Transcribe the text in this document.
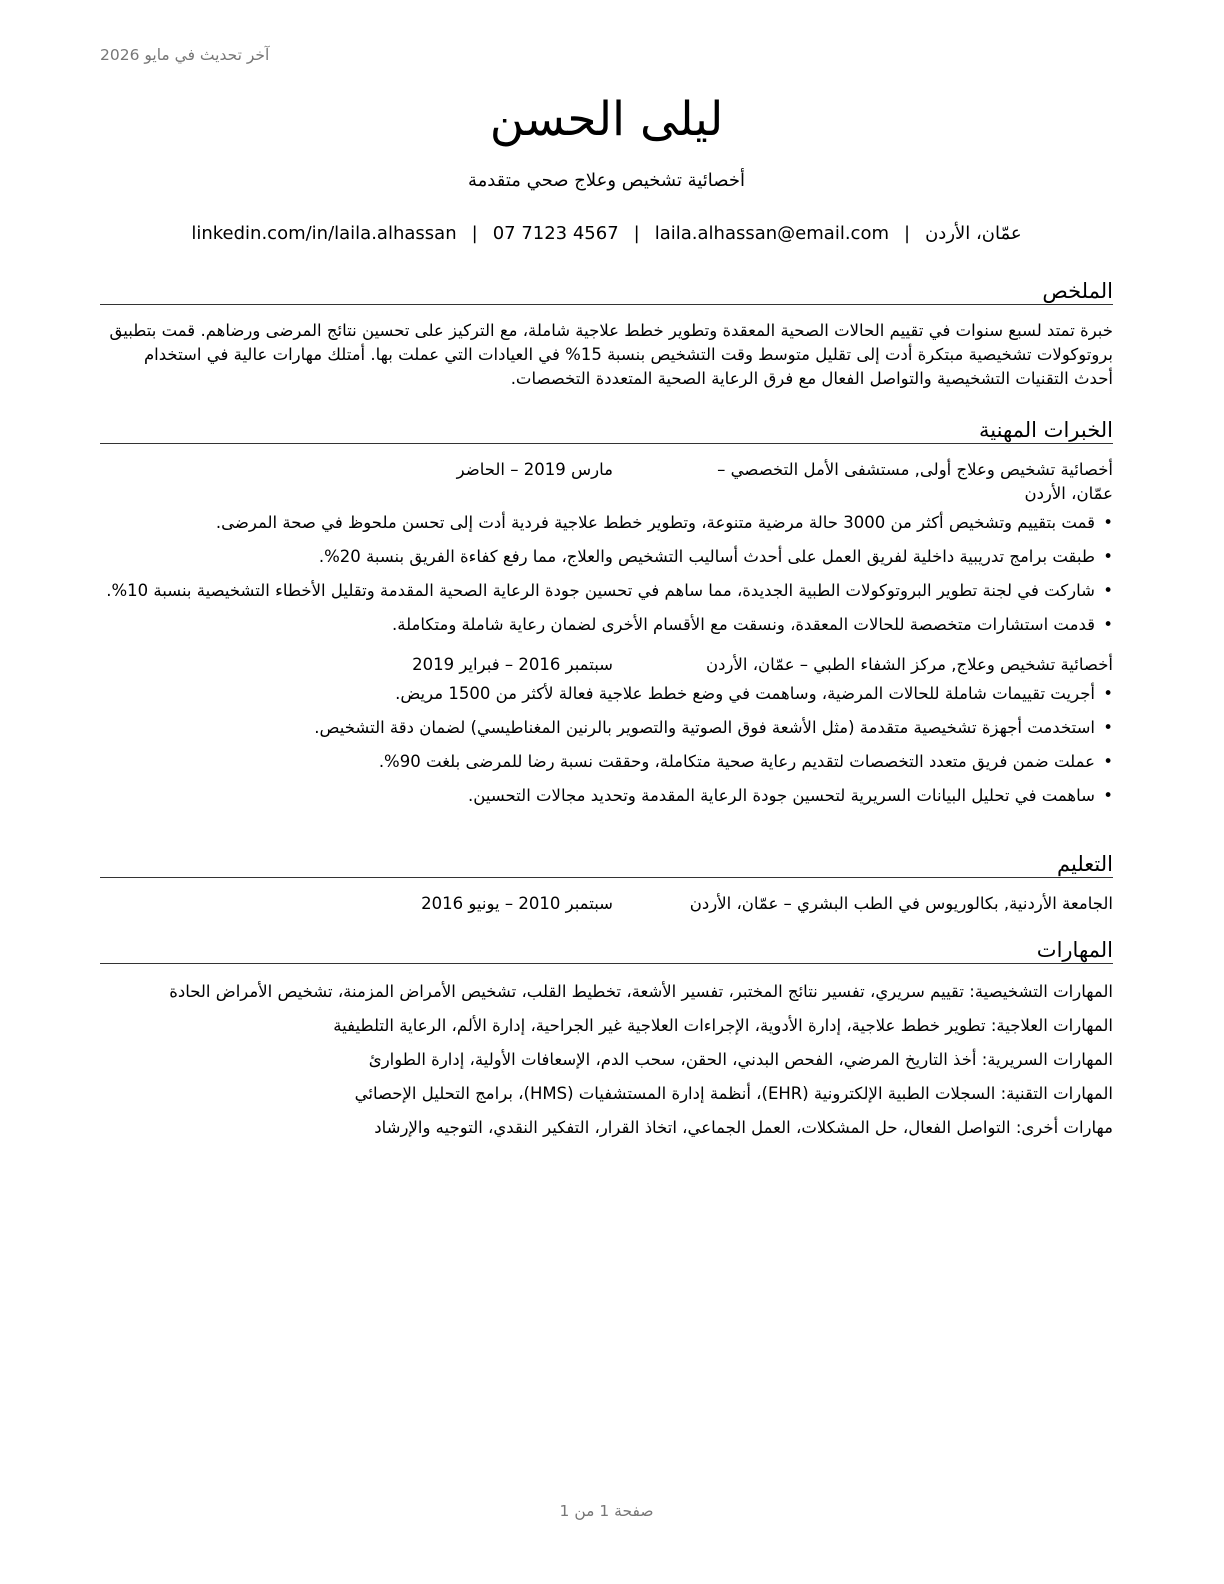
آخر تحديث في مايو 2026
ليلى الحسن
أخصائية تشخيص وعلاج صحي متقدمة
عمّان، الأردن|laila.alhassan@email.com|07 7123 4567|linkedin.com/in/laila.alhassan
الملخص

خبرة تمتد لسبع سنوات في تقييم الحالات الصحية المعقدة وتطوير خطط علاجية شاملة، مع التركيز على تحسين نتائج المرضى ورضاهم. قمت بتطبيق بروتوكولات تشخيصية مبتكرة أدت إلى تقليل متوسط وقت التشخيص بنسبة 15% في العيادات التي عملت بها. أمتلك مهارات عالية في استخدام أحدث التقنيات التشخيصية والتواصل الفعال مع فرق الرعاية الصحية المتعددة التخصصات.

الخبرات المهنية
أخصائية تشخيص وعلاج أولى, مستشفى الأمل التخصصي – عمّان، الأردن
مارس 2019 – الحاضر
•
قمت بتقييم وتشخيص أكثر من 3000 حالة مرضية متنوعة، وتطوير خطط علاجية فردية أدت إلى تحسن ملحوظ في صحة المرضى.
•
طبقت برامج تدريبية داخلية لفريق العمل على أحدث أساليب التشخيص والعلاج، مما رفع كفاءة الفريق بنسبة 20%.
•
شاركت في لجنة تطوير البروتوكولات الطبية الجديدة، مما ساهم في تحسين جودة الرعاية الصحية المقدمة وتقليل الأخطاء التشخيصية بنسبة 10%.
•
قدمت استشارات متخصصة للحالات المعقدة، ونسقت مع الأقسام الأخرى لضمان رعاية شاملة ومتكاملة.
أخصائية تشخيص وعلاج, مركز الشفاء الطبي – عمّان، الأردن
سبتمبر 2016 – فبراير 2019
•
أجريت تقييمات شاملة للحالات المرضية، وساهمت في وضع خطط علاجية فعالة لأكثر من 1500 مريض.
•
استخدمت أجهزة تشخيصية متقدمة (مثل الأشعة فوق الصوتية والتصوير بالرنين المغناطيسي) لضمان دقة التشخيص.
•
عملت ضمن فريق متعدد التخصصات لتقديم رعاية صحية متكاملة، وحققت نسبة رضا للمرضى بلغت 90%.
•
ساهمت في تحليل البيانات السريرية لتحسين جودة الرعاية المقدمة وتحديد مجالات التحسين.
التعليم
الجامعة الأردنية, بكالوريوس في الطب البشري – عمّان، الأردن
سبتمبر 2010 – يونيو 2016
المهارات

المهارات التشخيصية: تقييم سريري، تفسير نتائج المختبر، تفسير الأشعة، تخطيط القلب، تشخيص الأمراض المزمنة، تشخيص الأمراض الحادة

المهارات العلاجية: تطوير خطط علاجية، إدارة الأدوية، الإجراءات العلاجية غير الجراحية، إدارة الألم، الرعاية التلطيفية

المهارات السريرية: أخذ التاريخ المرضي، الفحص البدني، الحقن، سحب الدم، الإسعافات الأولية، إدارة الطوارئ

المهارات التقنية: السجلات الطبية الإلكترونية (EHR)، أنظمة إدارة المستشفيات (HMS)، برامج التحليل الإحصائي

مهارات أخرى: التواصل الفعال، حل المشكلات، العمل الجماعي، اتخاذ القرار، التفكير النقدي، التوجيه والإرشاد

صفحة 1 من 1
